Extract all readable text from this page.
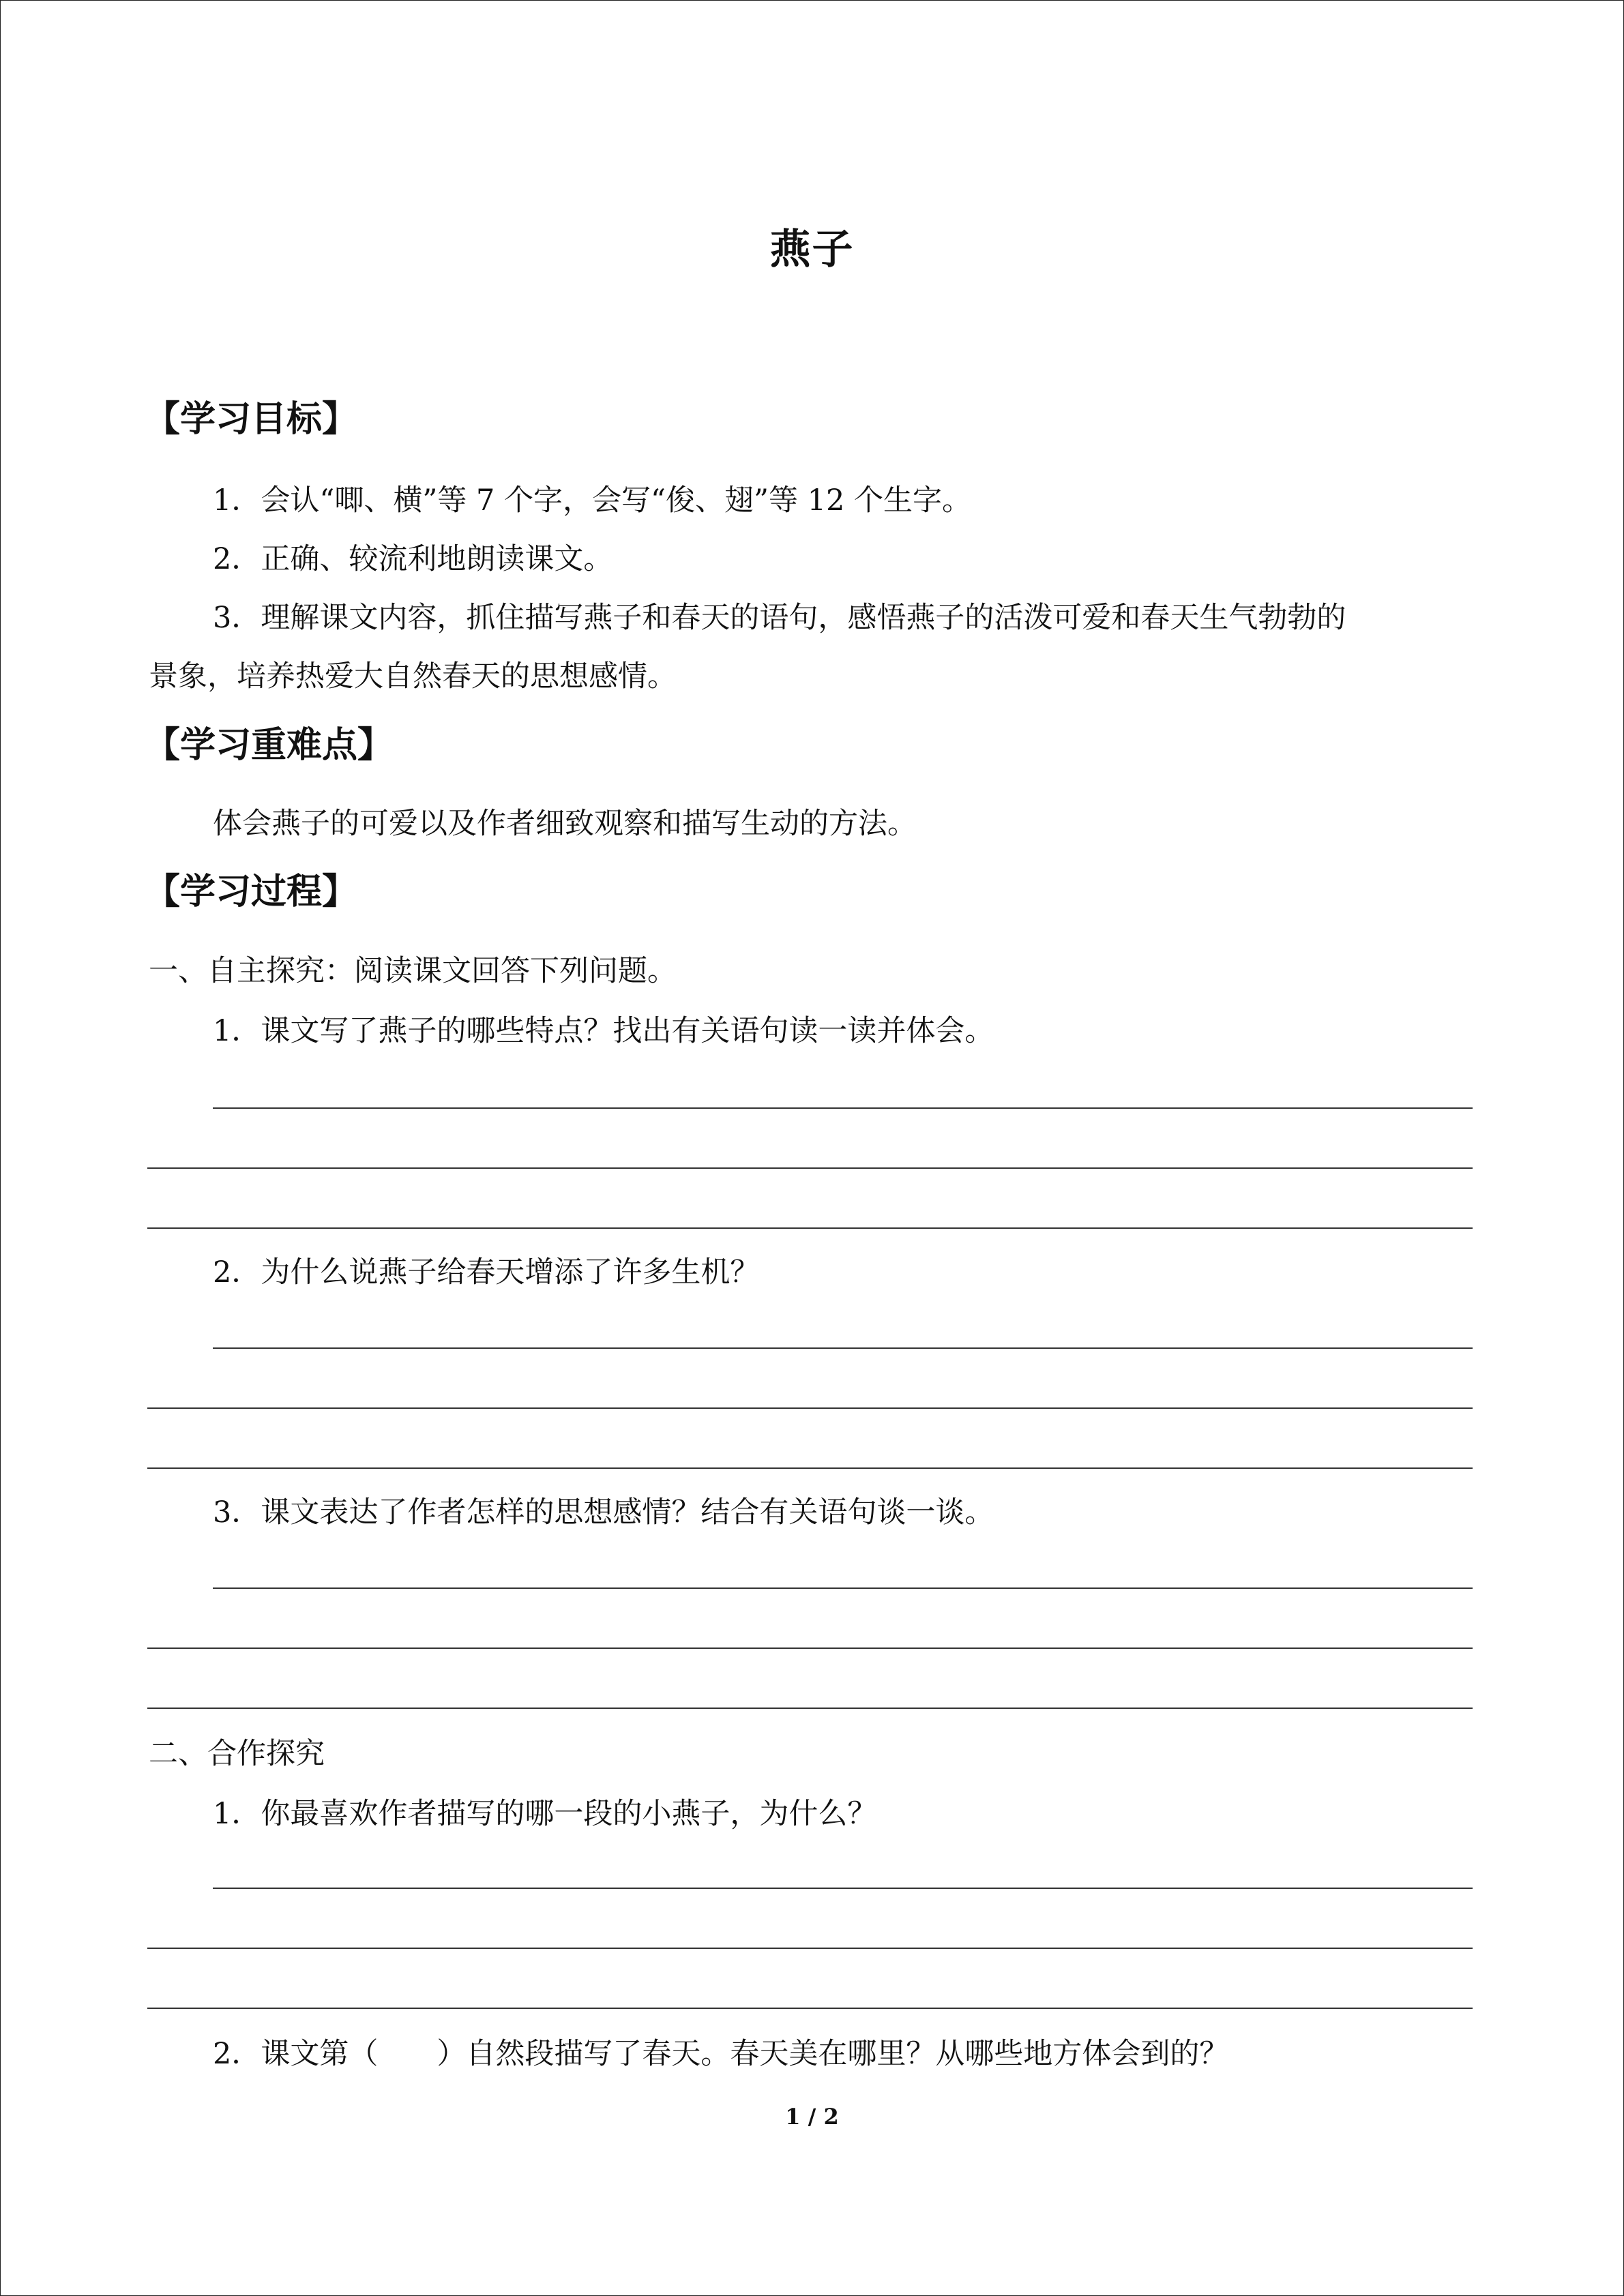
燕子
【学习目标】
1．会认“唧、横”等 7 个字，会写“俊、翅”等 12 个生字。
2．正确、较流利地朗读课文。
3．理解课文内容，抓住描写燕子和春天的语句，感悟燕子的活泼可爱和春天生气勃勃的
景象，培养热爱大自然春天的思想感情。
【学习重难点】
体会燕子的可爱以及作者细致观察和描写生动的方法。
【学习过程】
一、自主探究：阅读课文回答下列问题。
1．课文写了燕子的哪些特点？找出有关语句读一读并体会。
2．为什么说燕子给春天增添了许多生机？
3．课文表达了作者怎样的思想感情？结合有关语句谈一谈。
二、合作探究
1．你最喜欢作者描写的哪一段的小燕子，为什么？
2．课文第（　　）自然段描写了春天。春天美在哪里？从哪些地方体会到的？
1 / 2
